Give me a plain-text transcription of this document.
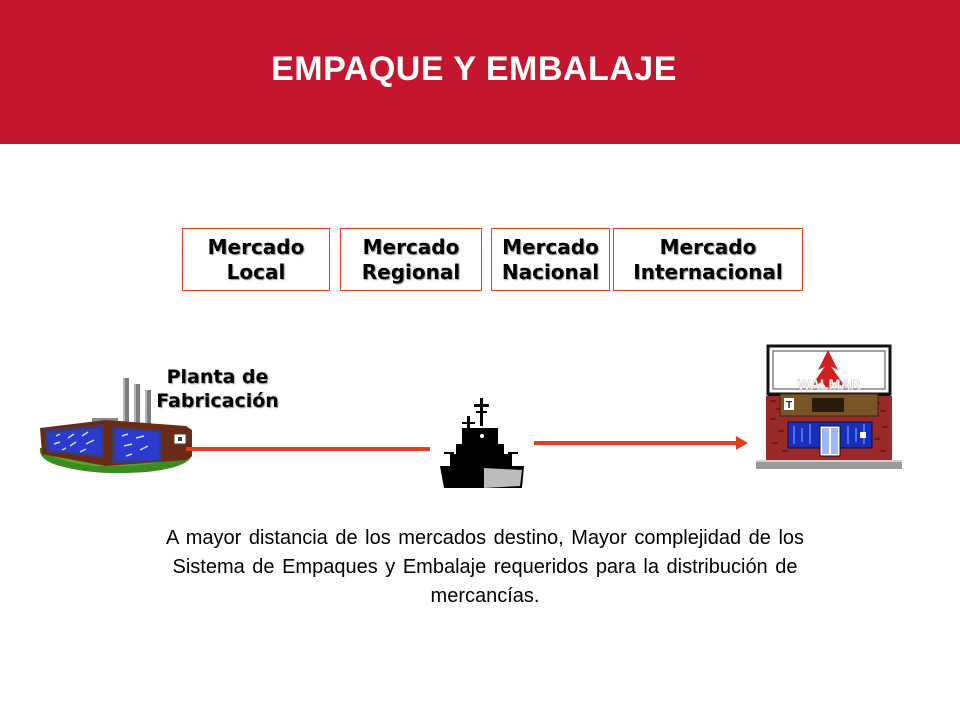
EMPAQUE Y EMBALAJE
Mercado
Local
Mercado
Regional
Mercado
Nacional
Mercado
Internacional
Planta de
Fabricación
WALMAR
T
A mayor distancia de los mercados destino, Mayor complejidad de los Sistema de Empaques y Embalaje requeridos para la distribución de mercancías.
